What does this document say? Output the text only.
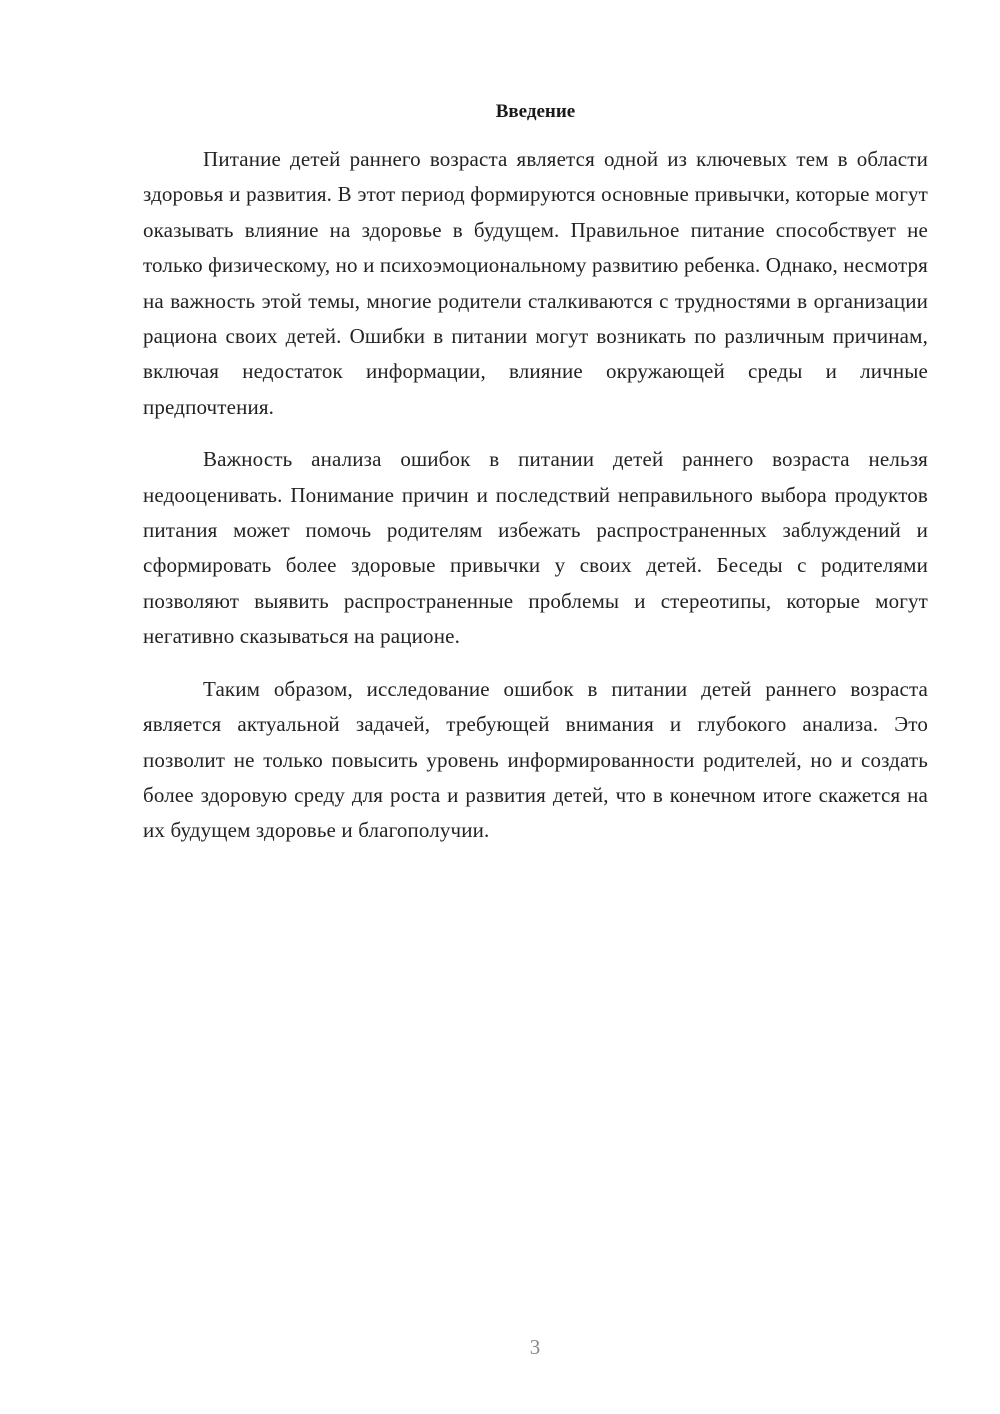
Введение

Питание детей раннего возраста является одной из ключевых тем в области здоровья и развития. В этот период формируются основные привычки, которые могут оказывать влияние на здоровье в будущем. Правильное питание способствует не только физическому, но и психоэмоциональному развитию ребенка. Однако, несмотря на важность этой темы, многие родители сталкиваются с трудностями в организации рациона своих детей. Ошибки в питании могут возникать по различным причинам, включая недостаток информации, влияние окружающей среды и личные предпочтения.

Важность анализа ошибок в питании детей раннего возраста нельзя недооценивать. Понимание причин и последствий неправильного выбора продуктов питания может помочь родителям избежать распространенных заблуждений и сформировать более здоровые привычки у своих детей. Беседы с родителями позволяют выявить распространенные проблемы и стереотипы, которые могут негативно сказываться на рационе.

Таким образом, исследование ошибок в питании детей раннего возраста является актуальной задачей, требующей внимания и глубокого анализа. Это позволит не только повысить уровень информированности родителей, но и создать более здоровую среду для роста и развития детей, что в конечном итоге скажется на их будущем здоровье и благополучии.

3
